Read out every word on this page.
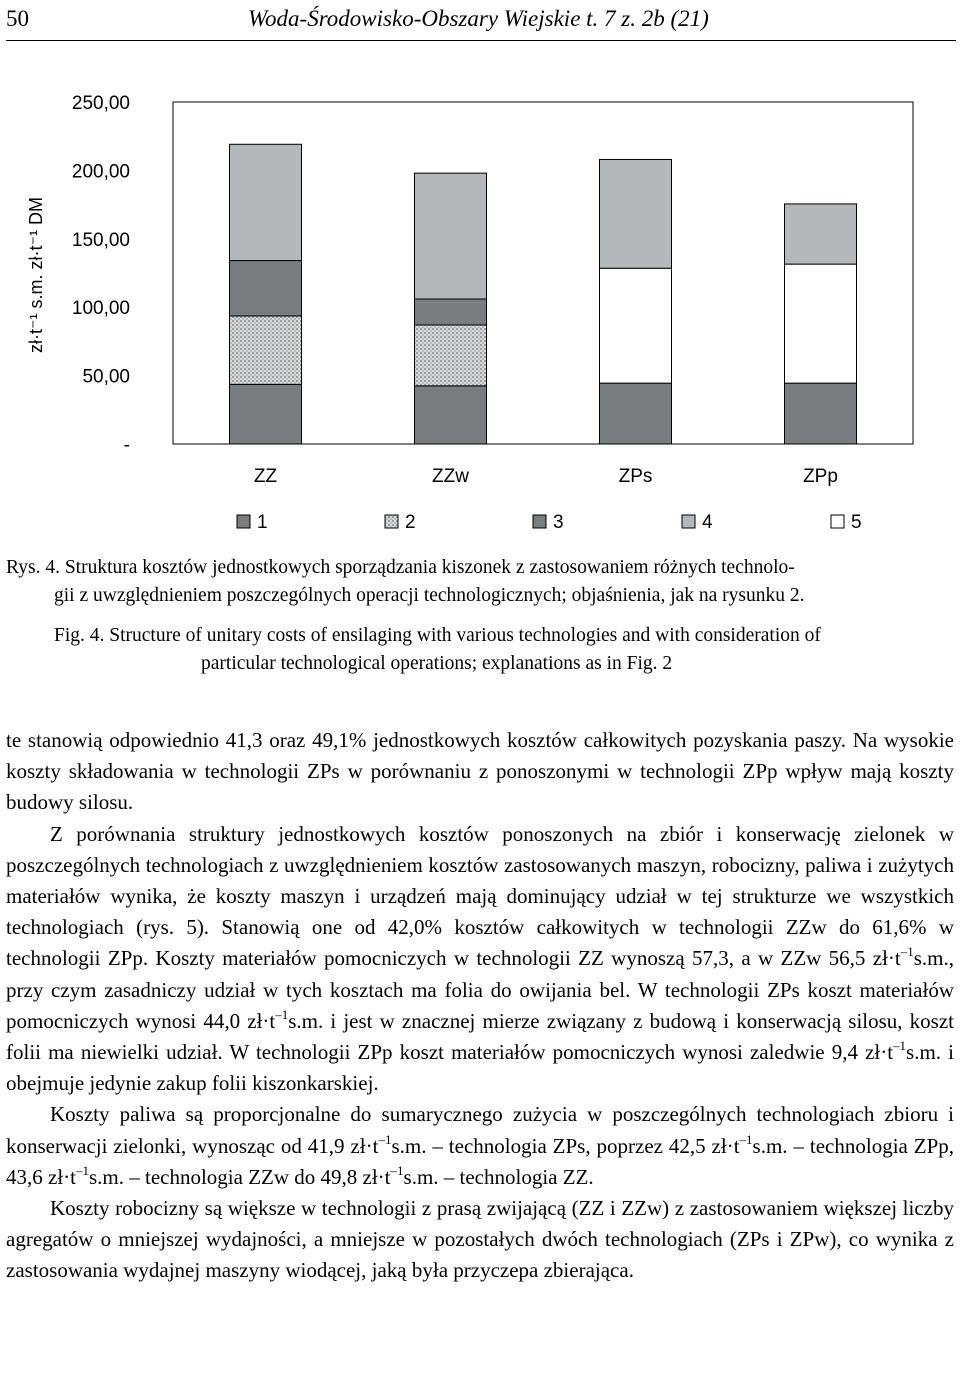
50	Woda-Środowisko-Obszary Wiejskie t. 7 z. 2b (21)
-
50,00
100,00
150,00
200,00
250,00
zł·t⁻¹ s.m. zł·t⁻¹ DM
ZZ	ZZw	ZPs	ZPp
1	2	3	4	5
Rys. 4. Struktura kosztów jednostkowych sporządzania kiszonek z zastosowaniem różnych technolo-

gii z uwzględnieniem poszczególnych operacji technologicznych; objaśnienia, jak na rysunku 2.
Fig. 4. Structure of unitary costs of ensilaging with various technologies and with consideration of

particular technological operations; explanations as in Fig. 2

te stanowią odpowiednio 41,3 oraz 49,1% jednostkowych kosztów całkowitych pozyskania paszy. Na wysokie koszty składowania w technologii ZPs w porównaniu z ponoszonymi w technologii ZPp wpływ mają koszty budowy silosu.

Z porównania struktury jednostkowych kosztów ponoszonych na zbiór i konserwację zielonek w poszczególnych technologiach z uwzględnieniem kosztów zastosowanych maszyn, robocizny, paliwa i zużytych materiałów wynika, że koszty maszyn i urządzeń mają dominujący udział w tej strukturze we wszystkich technologiach (rys. 5). Stanowią one od 42,0% kosztów całkowitych w technologii ZZw do 61,6% w technologii ZPp. Koszty materiałów pomocniczych w technologii ZZ wynoszą 57,3, a w ZZw 56,5 $zł\cdot t^{-1}s.m$., przy czym zasadniczy udział w tych kosztach ma folia do owijania bel. W technologii ZPs koszt materiałów pomocniczych wynosi 44,0 $zł\cdot t^{-1}s.m$. i jest w znacznej mierze związany z budową i konserwacją silosu, koszt folii ma niewielki udział. W technologii ZPp koszt materiałów pomocniczych wynosi zaledwie 9,4 $zł\cdot t^{-1}s.m$. i obejmuje jedynie zakup folii kiszonkarskiej.

Koszty paliwa są proporcjonalne do sumarycznego zużycia w poszczególnych technologiach zbioru i konserwacji zielonki, wynosząc od 41,9 $zł\cdot t^{-1}s.m$. – technologia ZPs, poprzez 42,5 $zł\cdot t^{-1}s.m$. – technologia ZPp, 43,6 $zł\cdot t^{-1}s.m$. – technologia ZZw do 49,8 $zł\cdot t^{-1}s.m$. – technologia ZZ.

Koszty robocizny są większe w technologii z prasą zwijającą (ZZ i ZZw) z zastosowaniem większej liczby agregatów o mniejszej wydajności, a mniejsze w pozostałych dwóch technologiach (ZPs i ZPw), co wynika z zastosowania wydajnej maszyny wiodącej, jaką była przyczepa zbierająca.
